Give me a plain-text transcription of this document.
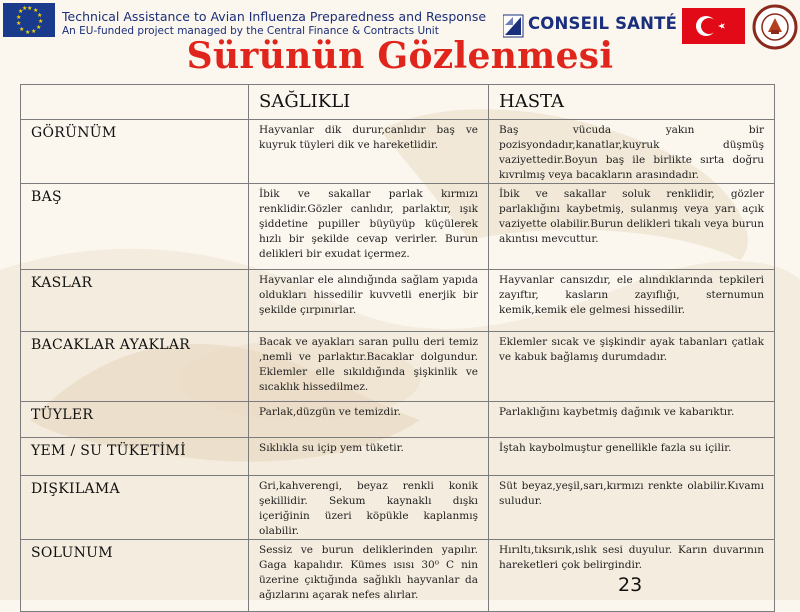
★ ★
★
★
★
★
★
★
★
★
★
★
Technical Assistance to Avian Influenza Preparedness and Response
An EU-funded project managed by the Central Finance & Contracts Unit	CONSEIL SANTÉ
Sürünün Gözlenmesi
	SAĞLIKLI	HASTA
GÖRÜNÜM	Hayvanlar dik durur,canlıdır baş ve kuyruk tüyleri dik ve hareketlidir.	Baş vücuda yakın bir pozisyondadır,kanatlar,kuyruk düşmüş vaziyettedir.Boyun baş ile birlikte sırta doğru kıvrılmış veya bacakların arasındadır.
BAŞ	İbik ve sakallar parlak kırmızı renklidir.Gözler canlıdır, parlaktır, ışık şiddetine pupiller büyüyüp küçülerek hızlı bir şekilde cevap verirler. Burun delikleri bir exudat içermez.	İbik ve sakallar soluk renklidir, gözler parlaklığını kaybetmiş, sulanmış veya yarı açık vaziyette olabilir.Burun delikleri tıkalı veya burun akıntısı mevcuttur.
KASLAR	Hayvanlar ele alındığında sağlam yapıda oldukları hissedilir kuvvetli enerjik bir şekilde çırpınırlar.	Hayvanlar cansızdır, ele alındıklarında tepkileri zayıftır, kasların zayıflığı, sternumun kemik,kemik ele gelmesi hissedilir.
BACAKLAR AYAKLAR	Bacak ve ayakları saran pullu deri temiz ,nemli ve parlaktır.Bacaklar dolgundur. Eklemler elle sıkıldığında şişkinlik ve sıcaklık hissedilmez.	Eklemler sıcak ve şişkindir ayak tabanları çatlak ve kabuk bağlamış durumdadır.
TÜYLER	Parlak,düzgün ve temizdir.	Parlaklığını kaybetmiş dağınık ve kabarıktır.
YEM / SU TÜKETİMİ	Sıklıkla su içip yem tüketir.	İştah kaybolmuştur genellikle fazla su içilir.
DIŞKILAMA	Gri,kahverengi, beyaz renkli konik şekillidir. Sekum kaynaklı dışkı içeriğinin üzeri köpükle kaplanmış olabilir.	Süt beyaz,yeşil,sarı,kırmızı renkte olabilir.Kıvamı suludur.
SOLUNUM	Sessiz ve burun deliklerinden yapılır. Gaga kapalıdır. Kümes ısısı 30⁰ C nin üzerine çıktığında sağlıklı hayvanlar da ağızlarını açarak nefes alırlar.	Hırıltı,tıksırık,ıslık sesi duyulur. Karın duvarının hareketleri çok belirgindir.
23
